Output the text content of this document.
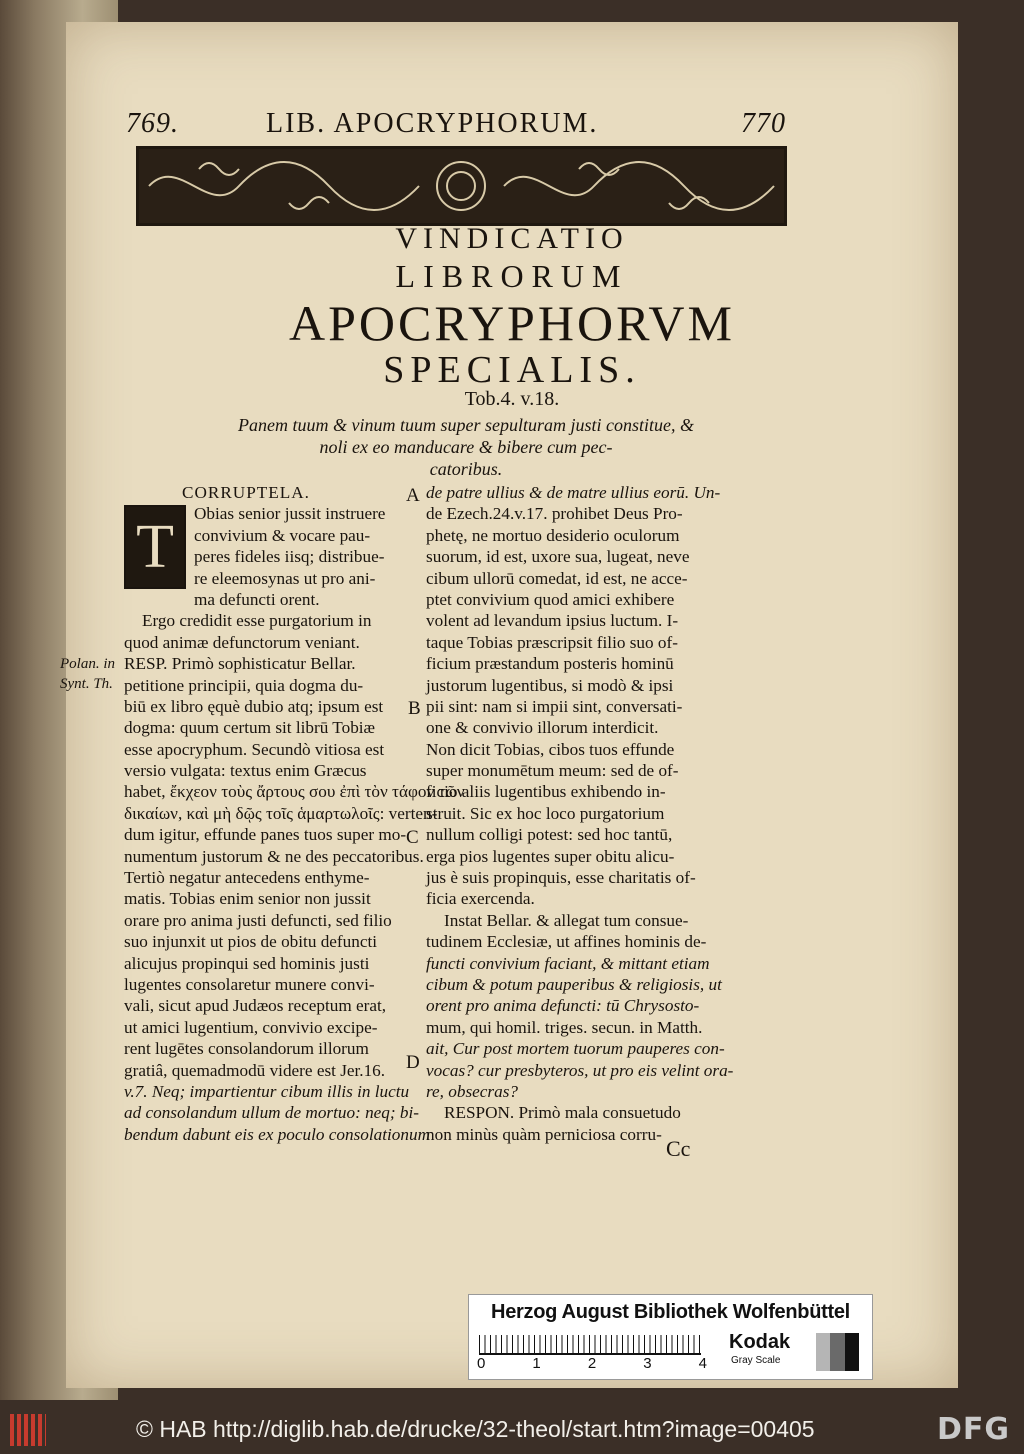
769.	LIB. APOCRYPHORUM.	770
VINDICATIO
LIBRORUM
APOCRYPHORVM
SPECIALIS.
Tob.4. v.18.
Panem tuum & vinum tuum super sepulturam justi constitue, &
noli ex eo manducare & bibere cum pec-
catoribus.
CORRUPTELA.
T	Obias senior jussit instruere
convivium & vocare pau-
peres fideles iisq; distribue-
re eleemosynas ut pro ani-
ma defuncti orent.
Ergo credidit esse purgatorium in
quod animæ defunctorum veniant.
RESP. Primò sophisticatur Bellar.
petitione principii, quia dogma du-
biū ex libro ęquè dubio atq; ipsum est
dogma: quum certum sit librū Tobiæ
esse apocryphum. Secundò vitiosa est
versio vulgata: textus enim Græcus
habet, ἔκχεον τοὺς ἄρτους σου ἐπὶ τὸν τάφον τῶν
δικαίων, καὶ μὴ δῷς τοῖς ἁμαρτωλοῖς: verten-
dum igitur, effunde panes tuos super mo-
numentum justorum & ne des peccatoribus.
Tertiò negatur antecedens enthyme-
matis. Tobias enim senior non jussit
orare pro anima justi defuncti, sed filio
suo injunxit ut pios de obitu defuncti
alicujus propinqui sed hominis justi
lugentes consolaretur munere convi-
vali, sicut apud Judæos receptum erat,
ut amici lugentium, convivio excipe-
rent lugētes consolandorum illorum
gratiâ, quemadmodū videre est Jer.16.
v.7. Neq; impartientur cibum illis in luctu
ad consolandum ullum de mortuo: neq; bi-
bendum dabunt eis ex poculo consolationum
de patre ullius & de matre ullius eorū. Un-
de Ezech.24.v.17. prohibet Deus Pro-
phetę, ne mortuo desiderio oculorum
suorum, id est, uxore sua, lugeat, neve
cibum ullorū comedat, id est, ne acce-
ptet convivium quod amici exhibere
volent ad levandum ipsius luctum. I-
taque Tobias præscripsit filio suo of-
ficium præstandum posteris hominū
justorum lugentibus, si modò & ipsi
pii sint: nam si impii sint, conversati-
one & convivio illorum interdicit.
Non dicit Tobias, cibos tuos effunde
super monumētum meum: sed de of-
ficio aliis lugentibus exhibendo in-
struit. Sic ex hoc loco purgatorium
nullum colligi potest: sed hoc tantū,
erga pios lugentes super obitu alicu-
jus è suis propinquis, esse charitatis of-
ficia exercenda.
Instat Bellar. & allegat tum consue-
tudinem Ecclesiæ, ut affines hominis de-
functi convivium faciant, & mittant etiam
cibum & potum pauperibus & religiosis, ut
orent pro anima defuncti: tū Chrysosto-
mum, qui homil. triges. secun. in Matth.
ait, Cur post mortem tuorum pauperes con-
vocas? cur presbyteros, ut pro eis velint ora-
re, obsecras?
RESPON. Primò mala consuetudo
non minùs quàm perniciosa corru-
Polan. in
Synt. Th.
A
B
C
D
Cc
Herzog August Bibliothek Wolfenbüttel
0	1	2	3	4
Kodak
Gray Scale
© HAB http://diglib.hab.de/drucke/32-theol/start.htm?image=00405	DFG
